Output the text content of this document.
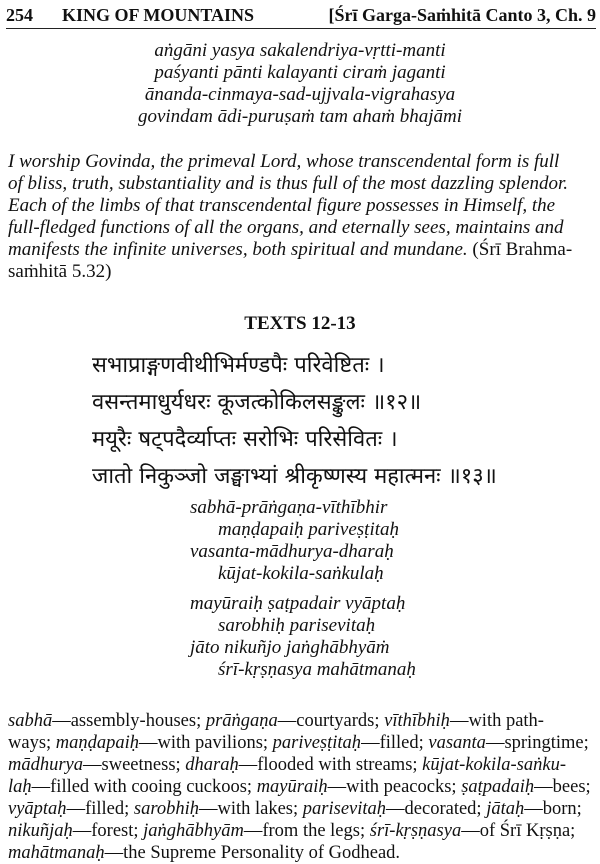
254 KING OF MOUNTAINS	[Śrī Garga-Saṁhitā Canto 3, Ch. 9
aṅgāni yasya sakalendriya-vṛtti-manti
paśyanti pānti kalayanti ciraṁ jaganti
ānanda-cinmaya-sad-ujjvala-vigrahasya
govindam ādi-puruṣaṁ tam ahaṁ bhajāmi
I worship Govinda, the primeval Lord, whose transcendental form is full
of bliss, truth, substantiality and is thus full of the most dazzling splendor.
Each of the limbs of that transcendental figure possesses in Himself, the
full-fledged functions of all the organs, and eternally sees, maintains and
manifests the infinite universes, both spiritual and mundane. (Śrī Brahma-
saṁhitā 5.32)
TEXTS 12-13
सभाप्राङ्गणवीथीभिर्मण्डपैः परिवेष्टितः ।
वसन्तमाधुर्यधरः कूजत्कोकिलसङ्कुलः ॥१२॥
मयूरैः षट्पदैर्व्याप्तः सरोभिः परिसेवितः ।
जातो निकुञ्जो जङ्घाभ्यां श्रीकृष्णस्य महात्मनः ॥१३॥
sabhā-prāṅgaṇa-vīthībhir
maṇḍapaiḥ pariveṣṭitaḥ
vasanta-mādhurya-dharaḥ
kūjat-kokila-saṅkulaḥ
mayūraiḥ ṣaṭpadair vyāptaḥ
sarobhiḥ parisevitaḥ
jāto nikuñjo jaṅghābhyāṁ
śrī-kṛṣṇasya mahātmanaḥ
sabhā—assembly-houses; prāṅgaṇa—courtyards; vīthībhiḥ—with path-
ways; maṇḍapaiḥ—with pavilions; pariveṣṭitaḥ—filled; vasanta—springtime;
mādhurya—sweetness; dharaḥ—flooded with streams; kūjat-kokila-saṅku-
laḥ—filled with cooing cuckoos; mayūraiḥ—with peacocks; ṣaṭpadaiḥ—bees;
vyāptaḥ—filled; sarobhiḥ—with lakes; parisevitaḥ—decorated; jātaḥ—born;
nikuñjaḥ—forest; jaṅghābhyām—from the legs; śrī-kṛṣṇasya—of Śrī Kṛṣṇa;
mahātmanaḥ—the Supreme Personality of Godhead.
